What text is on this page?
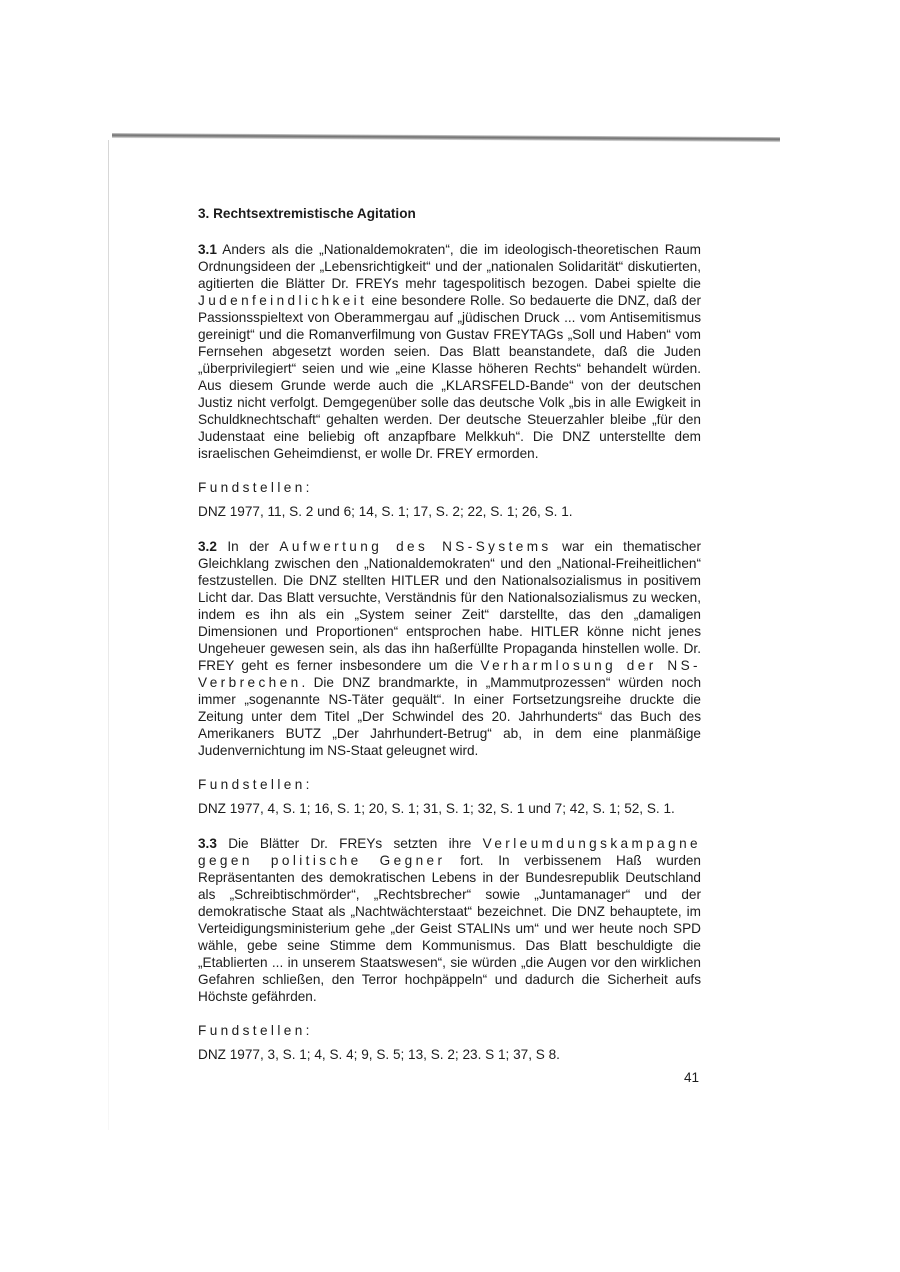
3. Rechtsextremistische Agitation

3.1 Anders als die „Nationaldemokraten“, die im ideologisch-theoretischen Raum Ordnungsideen der „Lebensrichtigkeit“ und der „nationalen Solidarität“ diskutierten, agitierten die Blätter Dr. FREYs mehr tagespolitisch bezogen. Dabei spielte die Judenfeindlichkeit eine besondere Rolle. So bedauerte die DNZ, daß der Passionsspieltext von Oberammergau auf „jüdischen Druck ... vom Antisemitismus gereinigt“ und die Romanverfilmung von Gustav FREYTAGs „Soll und Haben“ vom Fernsehen abgesetzt worden seien. Das Blatt beanstandete, daß die Juden „überprivilegiert“ seien und wie „eine Klasse höheren Rechts“ behandelt würden. Aus diesem Grunde werde auch die „KLARSFELD-Bande“ von der deutschen Justiz nicht verfolgt. Demgegenüber solle das deutsche Volk „bis in alle Ewigkeit in Schuldknechtschaft“ gehalten werden. Der deutsche Steuerzahler bleibe „für den Judenstaat eine beliebig oft anzapfbare Melkkuh“. Die DNZ unterstellte dem israelischen Geheimdienst, er wolle Dr. FREY ermorden.

Fundstellen:
DNZ 1977, 11, S. 2 und 6; 14, S. 1; 17, S. 2; 22, S. 1; 26, S. 1.

3.2 In der Aufwertung des NS-Systems war ein thematischer Gleichklang zwischen den „Nationaldemokraten“ und den „National-Freiheitlichen“ festzustellen. Die DNZ stellten HITLER und den Nationalsozialismus in positivem Licht dar. Das Blatt versuchte, Verständnis für den Nationalsozialismus zu wecken, indem es ihn als ein „System seiner Zeit“ darstellte, das den „damaligen Dimensionen und Proportionen“ entsprochen habe. HITLER könne nicht jenes Ungeheuer gewesen sein, als das ihn haßerfüllte Propaganda hinstellen wolle. Dr. FREY geht es ferner insbesondere um die Verharmlosung der NS-Verbrechen. Die DNZ brandmarkte, in „Mammutprozessen“ würden noch immer „sogenannte NS-Täter gequält“. In einer Fortsetzungsreihe druckte die Zeitung unter dem Titel „Der Schwindel des 20. Jahrhunderts“ das Buch des Amerikaners BUTZ „Der Jahrhundert-Betrug“ ab, in dem eine planmäßige Judenvernichtung im NS-Staat geleugnet wird.

Fundstellen:
DNZ 1977, 4, S. 1; 16, S. 1; 20, S. 1; 31, S. 1; 32, S. 1 und 7; 42, S. 1; 52, S. 1.

3.3 Die Blätter Dr. FREYs setzten ihre Verleumdungskampagne gegen politische Gegner fort. In verbissenem Haß wurden Repräsentanten des demokratischen Lebens in der Bundesrepublik Deutschland als „Schreibtischmörder“, „Rechtsbrecher“ sowie „Juntamanager“ und der demokratische Staat als „Nachtwächterstaat“ bezeichnet. Die DNZ behauptete, im Verteidigungsministerium gehe „der Geist STALINs um“ und wer heute noch SPD wähle, gebe seine Stimme dem Kommunismus. Das Blatt beschuldigte die „Etablierten ... in unserem Staatswesen“, sie würden „die Augen vor den wirklichen Gefahren schließen, den Terror hochpäppeln“ und dadurch die Sicherheit aufs Höchste gefährden.

Fundstellen:
DNZ 1977, 3, S. 1; 4, S. 4; 9, S. 5; 13, S. 2; 23. S 1; 37, S 8.
41
